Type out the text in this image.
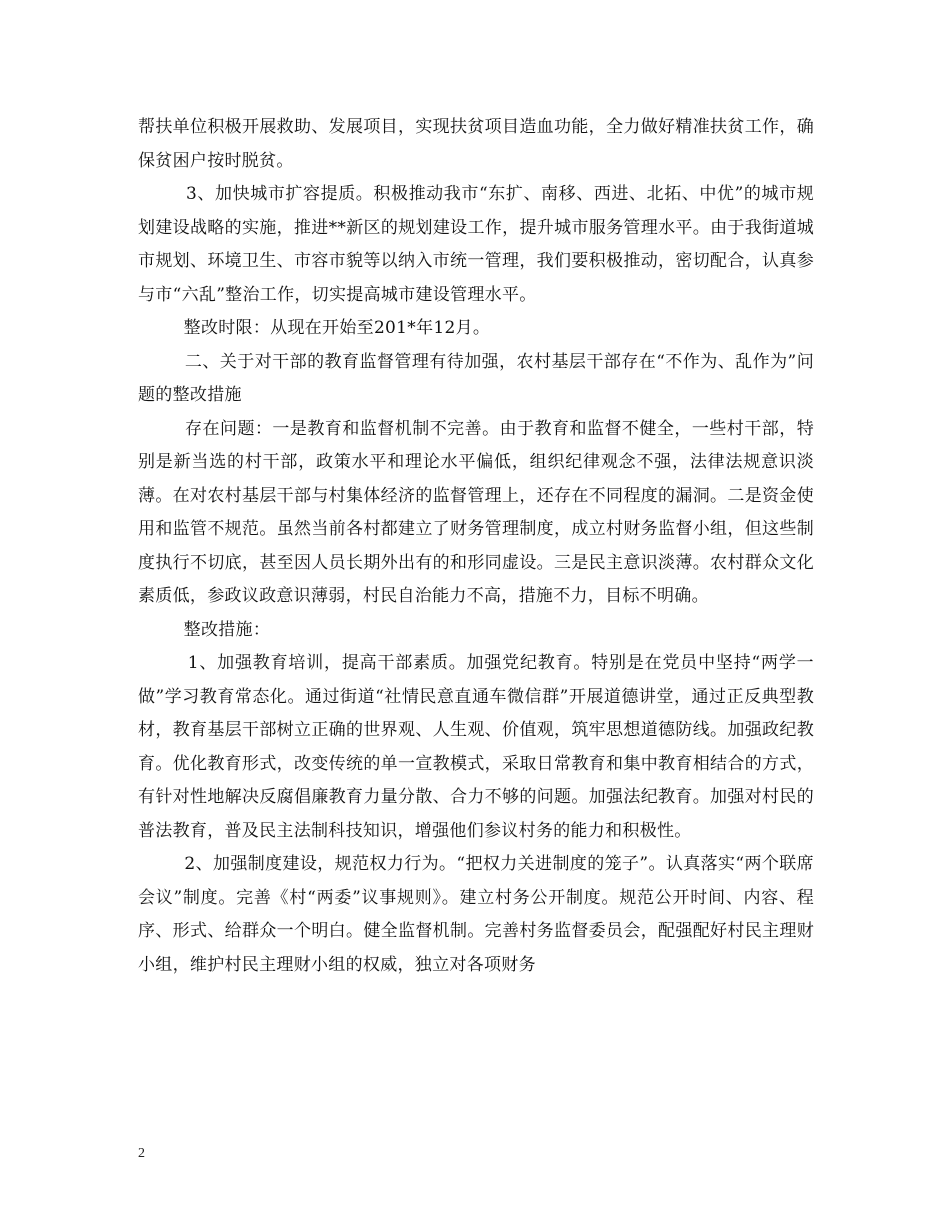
帮扶单位积极开展救助、发展项目，实现扶贫项目造血功能，全力做好精准扶贫工作，确保贫困户按时脱贫。

3、加快城市扩容提质。积极推动我市“东扩、南移、西进、北拓、中优”的城市规划建设战略的实施，推进**新区的规划建设工作，提升城市服务管理水平。由于我街道城市规划、环境卫生、市容市貌等以纳入市统一管理，我们要积极推动，密切配合，认真参与市“六乱”整治工作，切实提高城市建设管理水平。

整改时限：从现在开始至201*年12月。

二、关于对干部的教育监督管理有待加强，农村基层干部存在“不作为、乱作为”问题的整改措施

存在问题：一是教育和监督机制不完善。由于教育和监督不健全，一些村干部，特别是新当选的村干部，政策水平和理论水平偏低，组织纪律观念不强，法律法规意识淡薄。在对农村基层干部与村集体经济的监督管理上，还存在不同程度的漏洞。二是资金使用和监管不规范。虽然当前各村都建立了财务管理制度，成立村财务监督小组，但这些制度执行不切底，甚至因人员长期外出有的和形同虚设。三是民主意识淡薄。农村群众文化素质低，参政议政意识薄弱，村民自治能力不高，措施不力，目标不明确。

整改措施：

1、加强教育培训，提高干部素质。加强党纪教育。特别是在党员中坚持“两学一做”学习教育常态化。通过街道“社情民意直通车微信群”开展道德讲堂，通过正反典型教材，教育基层干部树立正确的世界观、人生观、价值观，筑牢思想道德防线。加强政纪教育。优化教育形式，改变传统的单一宣教模式，采取日常教育和集中教育相结合的方式，有针对性地解决反腐倡廉教育力量分散、合力不够的问题。加强法纪教育。加强对村民的普法教育，普及民主法制科技知识，增强他们参议村务的能力和积极性。

2、加强制度建设，规范权力行为。“把权力关进制度的笼子”。认真落实“两个联席会议”制度。完善《村“两委”议事规则》。建立村务公开制度。规范公开时间、内容、程序、形式、给群众一个明白。健全监督机制。完善村务监督委员会，配强配好村民主理财小组，维护村民主理财小组的权威，独立对各项财务

2
